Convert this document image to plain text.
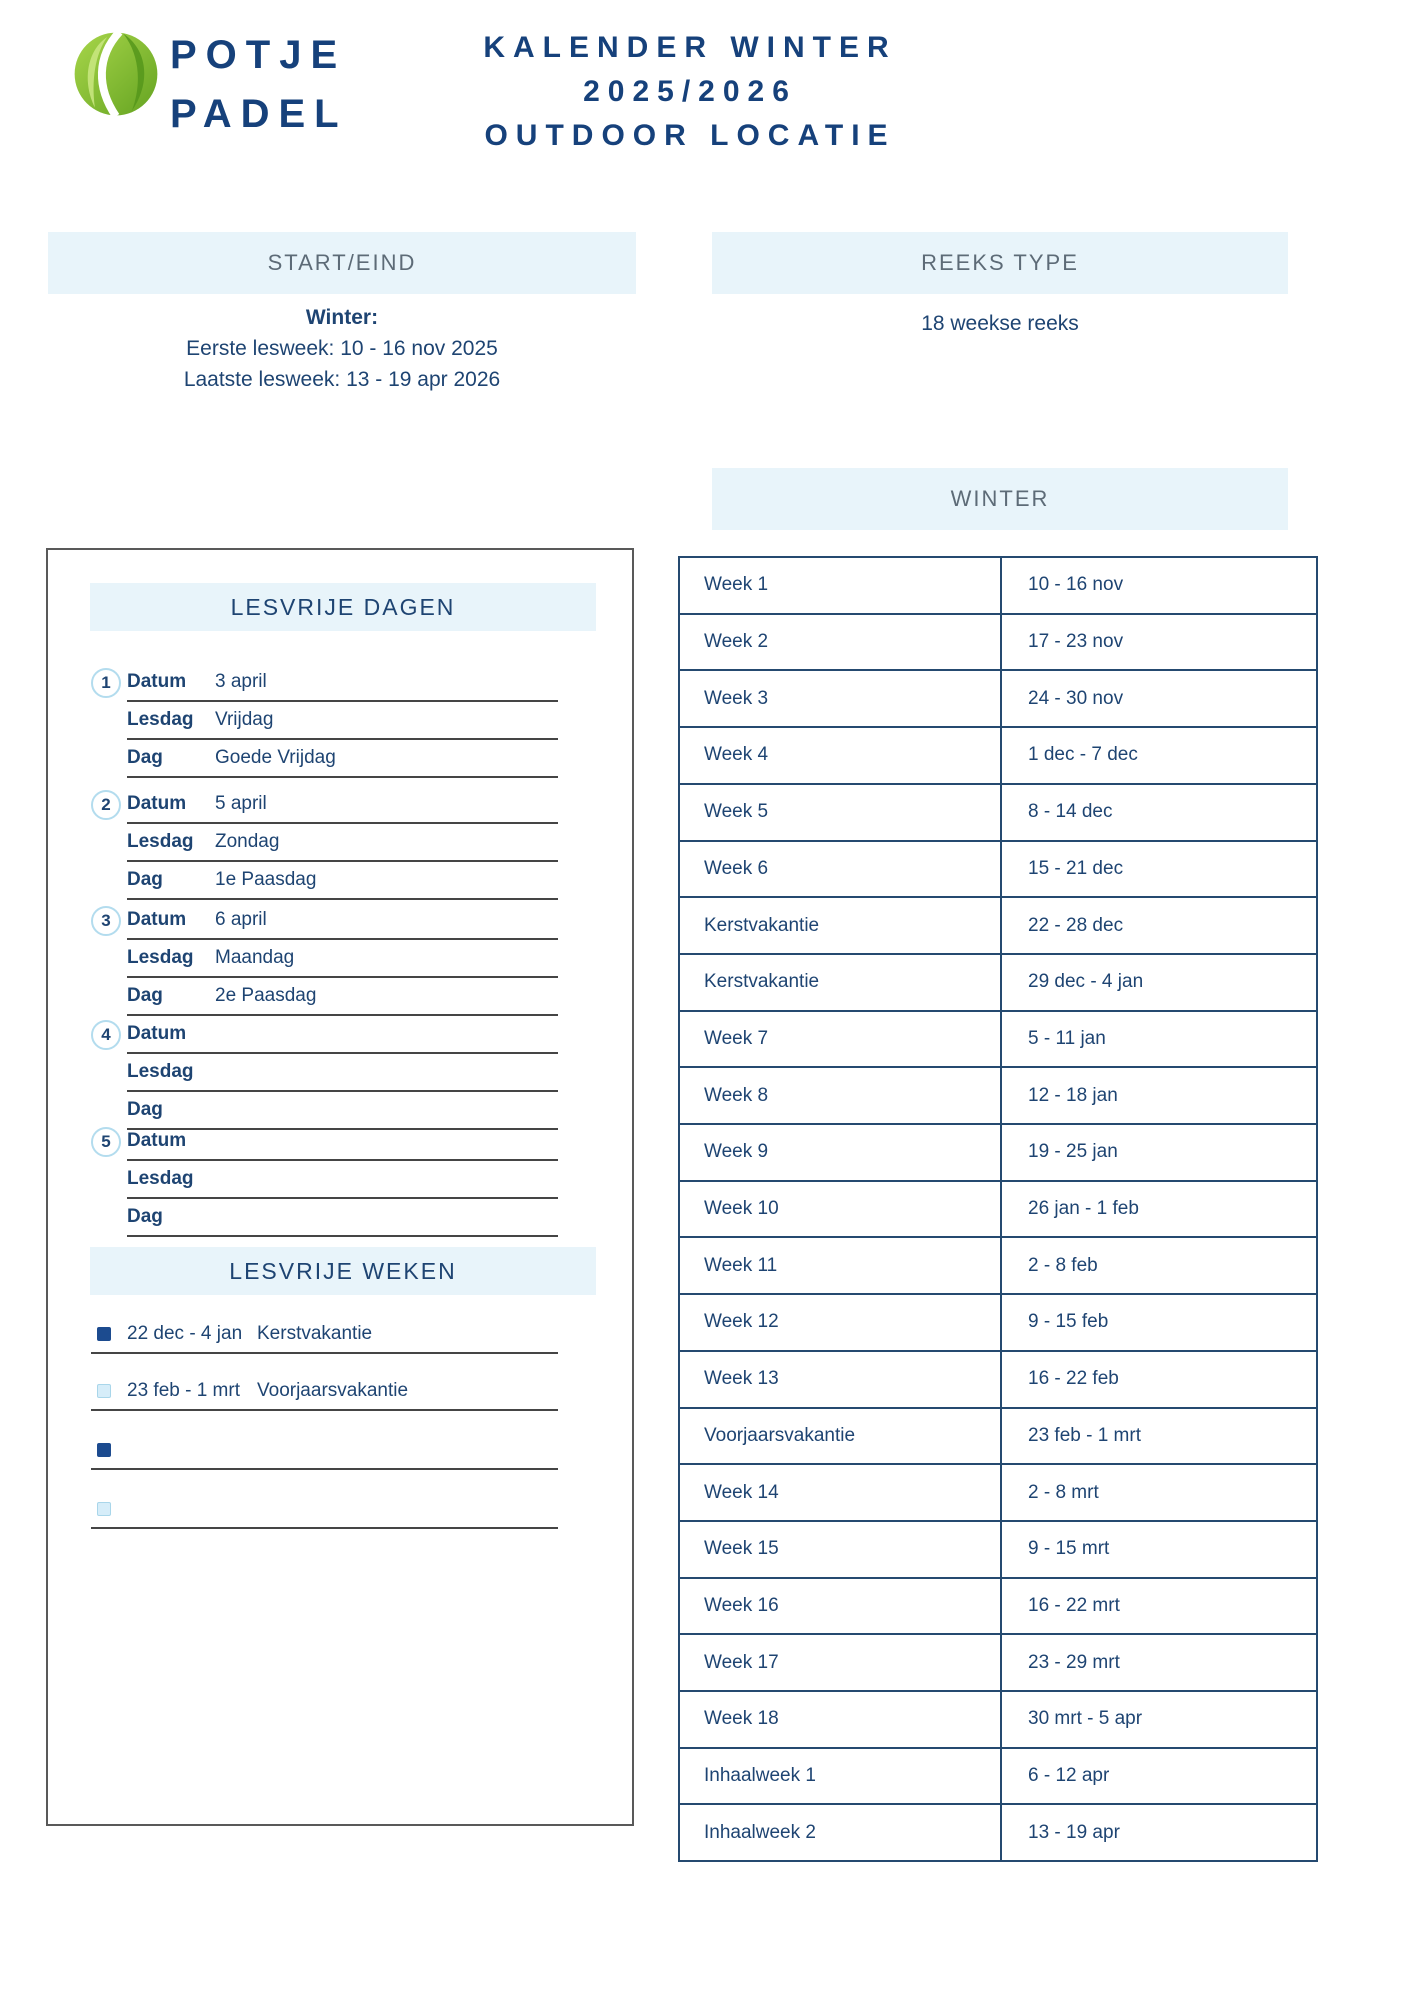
POTJE
PADEL
KALENDER WINTER
2025/2026
OUTDOOR LOCATIE
START/EIND
Winter:
Eerste lesweek: 10 - 16 nov 2025
Laatste lesweek: 13 - 19 apr 2026
REEKS TYPE
18 weekse reeks
WINTER
Week 1	10 - 16 nov
Week 2	17 - 23 nov
Week 3	24 - 30 nov
Week 4	1 dec - 7 dec
Week 5	8 - 14 dec
Week 6	15 - 21 dec
Kerstvakantie	22 - 28 dec
Kerstvakantie	29 dec - 4 jan
Week 7	5 - 11 jan
Week 8	12 - 18 jan
Week 9	19 - 25 jan
Week 10	26 jan - 1 feb
Week 11	2 - 8 feb
Week 12	9 - 15 feb
Week 13	16 - 22 feb
Voorjaarsvakantie	23 feb - 1 mrt
Week 14	2 - 8 mrt
Week 15	9 - 15 mrt
Week 16	16 - 22 mrt
Week 17	23 - 29 mrt
Week 18	30 mrt - 5 apr
Inhaalweek 1	6 - 12 apr
Inhaalweek 2	13 - 19 apr
LESVRIJE DAGEN
1 Datum	3 april
Lesdag	Vrijdag
Dag	Goede Vrijdag
2 Datum	5 april
Lesdag	Zondag
Dag	1e Paasdag
3 Datum	6 april
Lesdag	Maandag
Dag	2e Paasdag
4 Datum
Lesdag
Dag
5 Datum
Lesdag
Dag
LESVRIJE WEKEN
22 dec - 4 jan Kerstvakantie
23 feb - 1 mrt Voorjaarsvakantie
